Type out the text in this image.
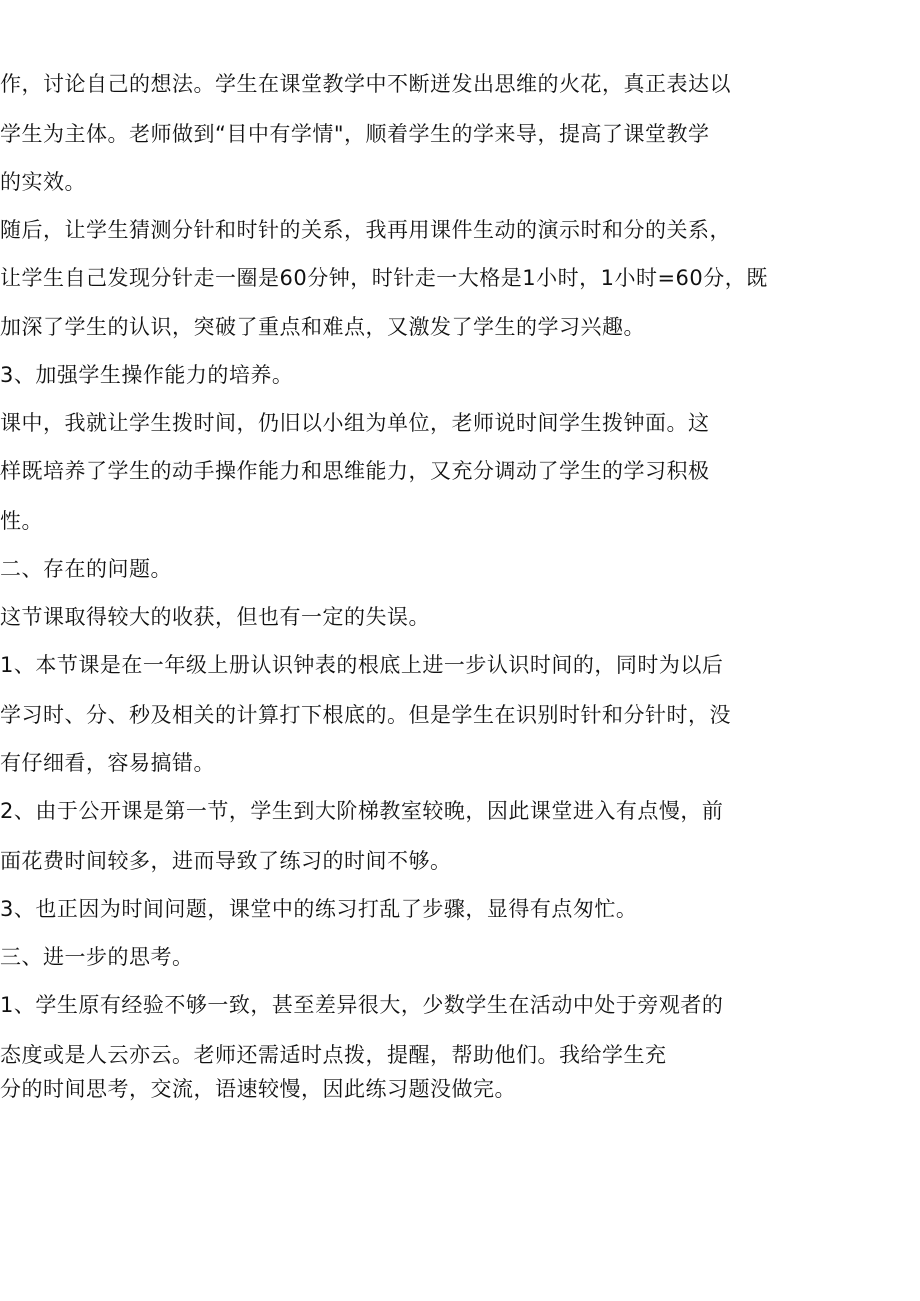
作，讨论自己的想法。学生在课堂教学中不断迸发出思维的火花，真正表达以
学生为主体。老师做到“目中有学情"，顺着学生的学来导，提高了课堂教学
的实效。
随后，让学生猜测分针和时针的关系，我再用课件生动的演示时和分的关系，
让学生自己发现分针走一圈是60分钟，时针走一大格是1小时，1小时=60分，既
加深了学生的认识，突破了重点和难点，又激发了学生的学习兴趣。
3、加强学生操作能力的培养。
课中，我就让学生拨时间，仍旧以小组为单位，老师说时间学生拨钟面。这
样既培养了学生的动手操作能力和思维能力，又充分调动了学生的学习积极
性。
二、存在的问题。
这节课取得较大的收获，但也有一定的失误。
1、本节课是在一年级上册认识钟表的根底上进一步认识时间的，同时为以后
学习时、分、秒及相关的计算打下根底的。但是学生在识别时针和分针时，没
有仔细看，容易搞错。
2、由于公开课是第一节，学生到大阶梯教室较晚，因此课堂进入有点慢，前
面花费时间较多，进而导致了练习的时间不够。
3、也正因为时间问题，课堂中的练习打乱了步骤，显得有点匆忙。
三、进一步的思考。
1、学生原有经验不够一致，甚至差异很大，少数学生在活动中处于旁观者的
态度或是人云亦云。老师还需适时点拨，提醒，帮助他们。我给学生充
分的时间思考，交流，语速较慢，因此练习题没做完。
